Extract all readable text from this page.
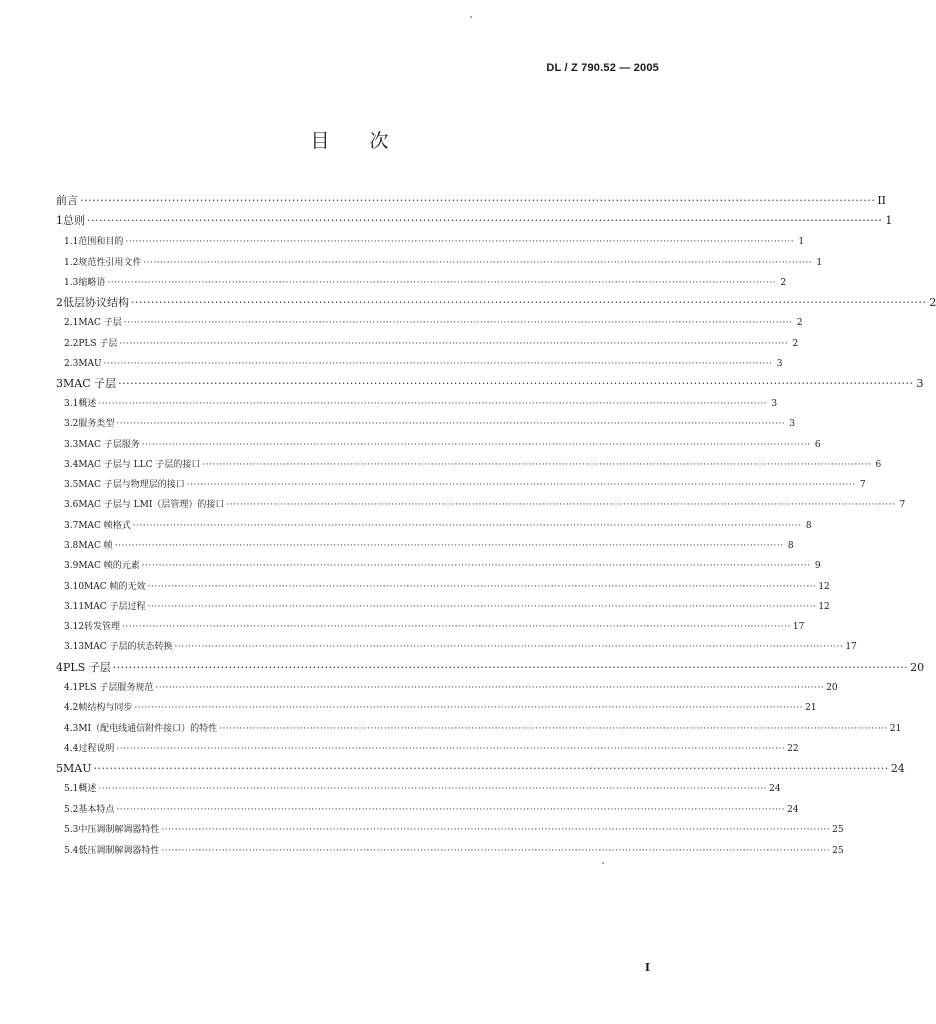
DL / Z 790.52 — 2005
目 次
前言 ······································································································································································································· II
1 总则 ······································································································································································································· 1
1.1 范围和目的 ······································································································································································································· 1
1.2 规范性引用文件 ······································································································································································································· 1
1.3 缩略语 ······································································································································································································· 2
2 低层协议结构 ······································································································································································································· 2
2.1 MAC 子层 ······································································································································································································· 2
2.2 PLS 子层 ······································································································································································································· 2
2.3 MAU ······································································································································································································· 3
3 MAC 子层 ······································································································································································································· 3
3.1 概述 ······································································································································································································· 3
3.2 服务类型 ······································································································································································································· 3
3.3 MAC 子层服务 ······································································································································································································· 6
3.4 MAC 子层与 LLC 子层的接口 ······································································································································································································· 6
3.5 MAC 子层与物理层的接口 ······································································································································································································· 7
3.6 MAC 子层与 LMI（层管理）的接口 ······································································································································································································· 7
3.7 MAC 帧格式 ······································································································································································································· 8
3.8 MAC 帧 ······································································································································································································· 8
3.9 MAC 帧的元素 ······································································································································································································· 9
3.10 MAC 帧的无效 ······································································································································································································· 12
3.11 MAC 子层过程 ······································································································································································································· 12
3.12 转发管理 ······································································································································································································· 17
3.13 MAC 子层的状态转换 ······································································································································································································· 17
4 PLS 子层 ······································································································································································································· 20
4.1 PLS 子层服务规范 ······································································································································································································· 20
4.2 帧结构与同步 ······································································································································································································· 21
4.3 MI（配电线通信附件接口）的特性 ······································································································································································································· 21
4.4 过程说明 ······································································································································································································· 22
5 MAU ······································································································································································································· 24
5.1 概述 ······································································································································································································· 24
5.2 基本特点 ······································································································································································································· 24
5.3 中压调制解调器特性 ······································································································································································································· 25
5.4 低压调制解调器特性 ······································································································································································································· 25
I
